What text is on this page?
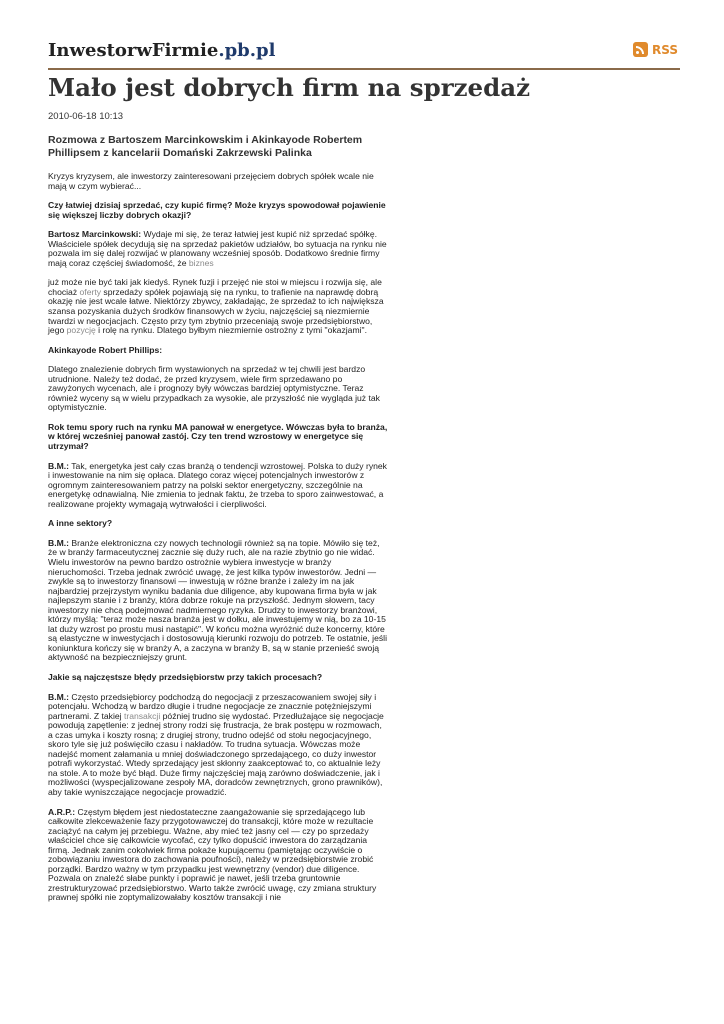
InwestorwFirmie.pb.pl	RSS
Mało jest dobrych firm na sprzedaż
2010-06-18 10:13
Rozmowa z Bartoszem Marcinkowskim i Akinkayode Robertem Phillipsem z kancelarii Domański Zakrzewski Palinka

Kryzys kryzysem, ale inwestorzy zainteresowani przejęciem dobrych spółek wcale nie mają w czym wybierać...

Czy łatwiej dzisiaj sprzedać, czy kupić firmę? Może kryzys spowodował pojawienie się większej liczby dobrych okazji?

Bartosz Marcinkowski: Wydaje mi się, że teraz łatwiej jest kupić niż sprzedać spółkę. Właściciele spółek decydują się na sprzedaż pakietów udziałów, bo sytuacja na rynku nie pozwala im się dalej rozwijać w planowany wcześniej sposób. Dodatkowo średnie firmy mają coraz częściej świadomość, że biznes

już może nie być taki jak kiedyś. Rynek fuzji i przejęć nie stoi w miejscu i rozwija się, ale chociaż oferty sprzedaży spółek pojawiają się na rynku, to trafienie na naprawdę dobrą okazję nie jest wcale łatwe. Niektórzy zbywcy, zakładając, że sprzedaż to ich największa szansa pozyskania dużych środków finansowych w życiu, najczęściej są niezmiernie twardzi w negocjacjach. Często przy tym zbytnio przeceniają swoje przedsiębiorstwo, jego pozycję i rolę na rynku. Dlatego byłbym niezmiernie ostrożny z tymi "okazjami".

Akinkayode Robert Phillips:

Dlatego znalezienie dobrych firm wystawionych na sprzedaż w tej chwili jest bardzo utrudnione. Należy też dodać, że przed kryzysem, wiele firm sprzedawano po zawyżonych wycenach, ale i prognozy były wówczas bardziej optymistyczne. Teraz również wyceny są w wielu przypadkach za wysokie, ale przyszłość nie wygląda już tak optymistycznie.

Rok temu spory ruch na rynku MA panował w energetyce. Wówczas była to branża, w której wcześniej panował zastój. Czy ten trend wzrostowy w energetyce się utrzymał?

B.M.: Tak, energetyka jest cały czas branżą o tendencji wzrostowej. Polska to duży rynek i inwestowanie na nim się opłaca. Dlatego coraz więcej potencjalnych inwestorów z ogromnym zainteresowaniem patrzy na polski sektor energetyczny, szczególnie na energetykę odnawialną. Nie zmienia to jednak faktu, że trzeba to sporo zainwestować, a realizowane projekty wymagają wytrwałości i cierpliwości.

A inne sektory?

B.M.: Branże elektroniczna czy nowych technologii również są na topie. Mówiło się też, że w branży farmaceutycznej zacznie się duży ruch, ale na razie zbytnio go nie widać. Wielu inwestorów na pewno bardzo ostrożnie wybiera inwestycje w branży nieruchomości. Trzeba jednak zwrócić uwagę, że jest kilka typów inwestorów. Jedni — zwykle są to inwestorzy finansowi — inwestują w różne branże i zależy im na jak najbardziej przejrzystym wyniku badania due diligence, aby kupowana firma była w jak najlepszym stanie i z branży, która dobrze rokuje na przyszłość. Jednym słowem, tacy inwestorzy nie chcą podejmować nadmiernego ryzyka. Drudzy to inwestorzy branżowi, którzy myślą: "teraz może nasza branża jest w dołku, ale inwestujemy w nią, bo za 10-15 lat duży wzrost po prostu musi nastąpić". W końcu można wyróżnić duże koncerny, które są elastyczne w inwestycjach i dostosowują kierunki rozwoju do potrzeb. Te ostatnie, jeśli koniunktura kończy się w branży A, a zaczyna w branży B, są w stanie przenieść swoją aktywność na bezpieczniejszy grunt.

Jakie są najczęstsze błędy przedsiębiorstw przy takich procesach?

B.M.: Często przedsiębiorcy podchodzą do negocjacji z przeszacowaniem swojej siły i potencjału. Wchodzą w bardzo długie i trudne negocjacje ze znacznie potężniejszymi partnerami. Z takiej transakcji później trudno się wydostać. Przedłużające się negocjacje powodują zapętlenie: z jednej strony rodzi się frustracja, że brak postępu w rozmowach, a czas umyka i koszty rosną; z drugiej strony, trudno odejść od stołu negocjacyjnego, skoro tyle się już poświęciło czasu i nakładów. To trudna sytuacja. Wówczas może nadejść moment załamania u mniej doświadczonego sprzedającego, co duży inwestor potrafi wykorzystać. Wtedy sprzedający jest skłonny zaakceptować to, co aktualnie leży na stole. A to może być błąd. Duże firmy najczęściej mają zarówno doświadczenie, jak i możliwości (wyspecjalizowane zespoły MA, doradców zewnętrznych, grono prawników), aby takie wyniszczające negocjacje prowadzić.

A.R.P.: Częstym błędem jest niedostateczne zaangażowanie się sprzedającego lub całkowite zlekceważenie fazy przygotowawczej do transakcji, które może w rezultacie zaciążyć na całym jej przebiegu. Ważne, aby mieć też jasny cel — czy po sprzedaży właściciel chce się całkowicie wycofać, czy tylko dopuścić inwestora do zarządzania firmą. Jednak zanim cokolwiek firma pokaże kupującemu (pamiętając oczywiście o zobowiązaniu inwestora do zachowania poufności), należy w przedsiębiorstwie zrobić porządki. Bardzo ważny w tym przypadku jest wewnętrzny (vendor) due diligence. Pozwala on znaleźć słabe punkty i poprawić je nawet, jeśli trzeba gruntownie zrestrukturyzować przedsiębiorstwo. Warto także zwrócić uwagę, czy zmiana struktury prawnej spółki nie zoptymalizowałaby kosztów transakcji i nie
